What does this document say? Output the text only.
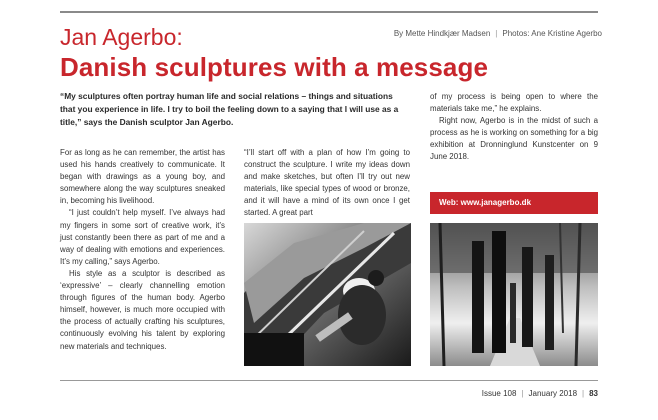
By Mette Hindkjær Madsen | Photos: Ane Kristine Agerbo
Jan Agerbo:
Danish sculptures with a message

“My sculptures often portray human life and social relations – things and situations that you experience in life. I try to boil the feeling down to a saying that I will use as a title,” says the Danish sculptor Jan Agerbo.

For as long as he can remember, the artist has used his hands creatively to communicate. It began with drawings as a young boy, and somewhere along the way sculptures sneaked in, becoming his livelihood.

“I just couldn’t help myself. I’ve always had my fingers in some sort of creative work, it’s just constantly been there as part of me and a way of dealing with emotions and experiences. It’s my calling,” says Agerbo.

His style as a sculptor is described as ‘expressive’ – clearly channelling emotion through figures of the human body. Agerbo himself, however, is much more occupied with the process of actually crafting his sculptures, continuously evolving his talent by exploring new materials and techniques.

“I’ll start off with a plan of how I’m going to construct the sculpture. I write my ideas down and make sketches, but often I’ll try out new materials, like special types of wood or bronze, and it will have a mind of its own once I get started. A great part

of my process is being open to where the materials take me,” he explains.

Right now, Agerbo is in the midst of such a process as he is working on something for a big exhibition at Dronninglund Kunstcenter on 9 June 2018.

Web: www.janagerbo.dk
Issue 108 | January 2018 | 83
